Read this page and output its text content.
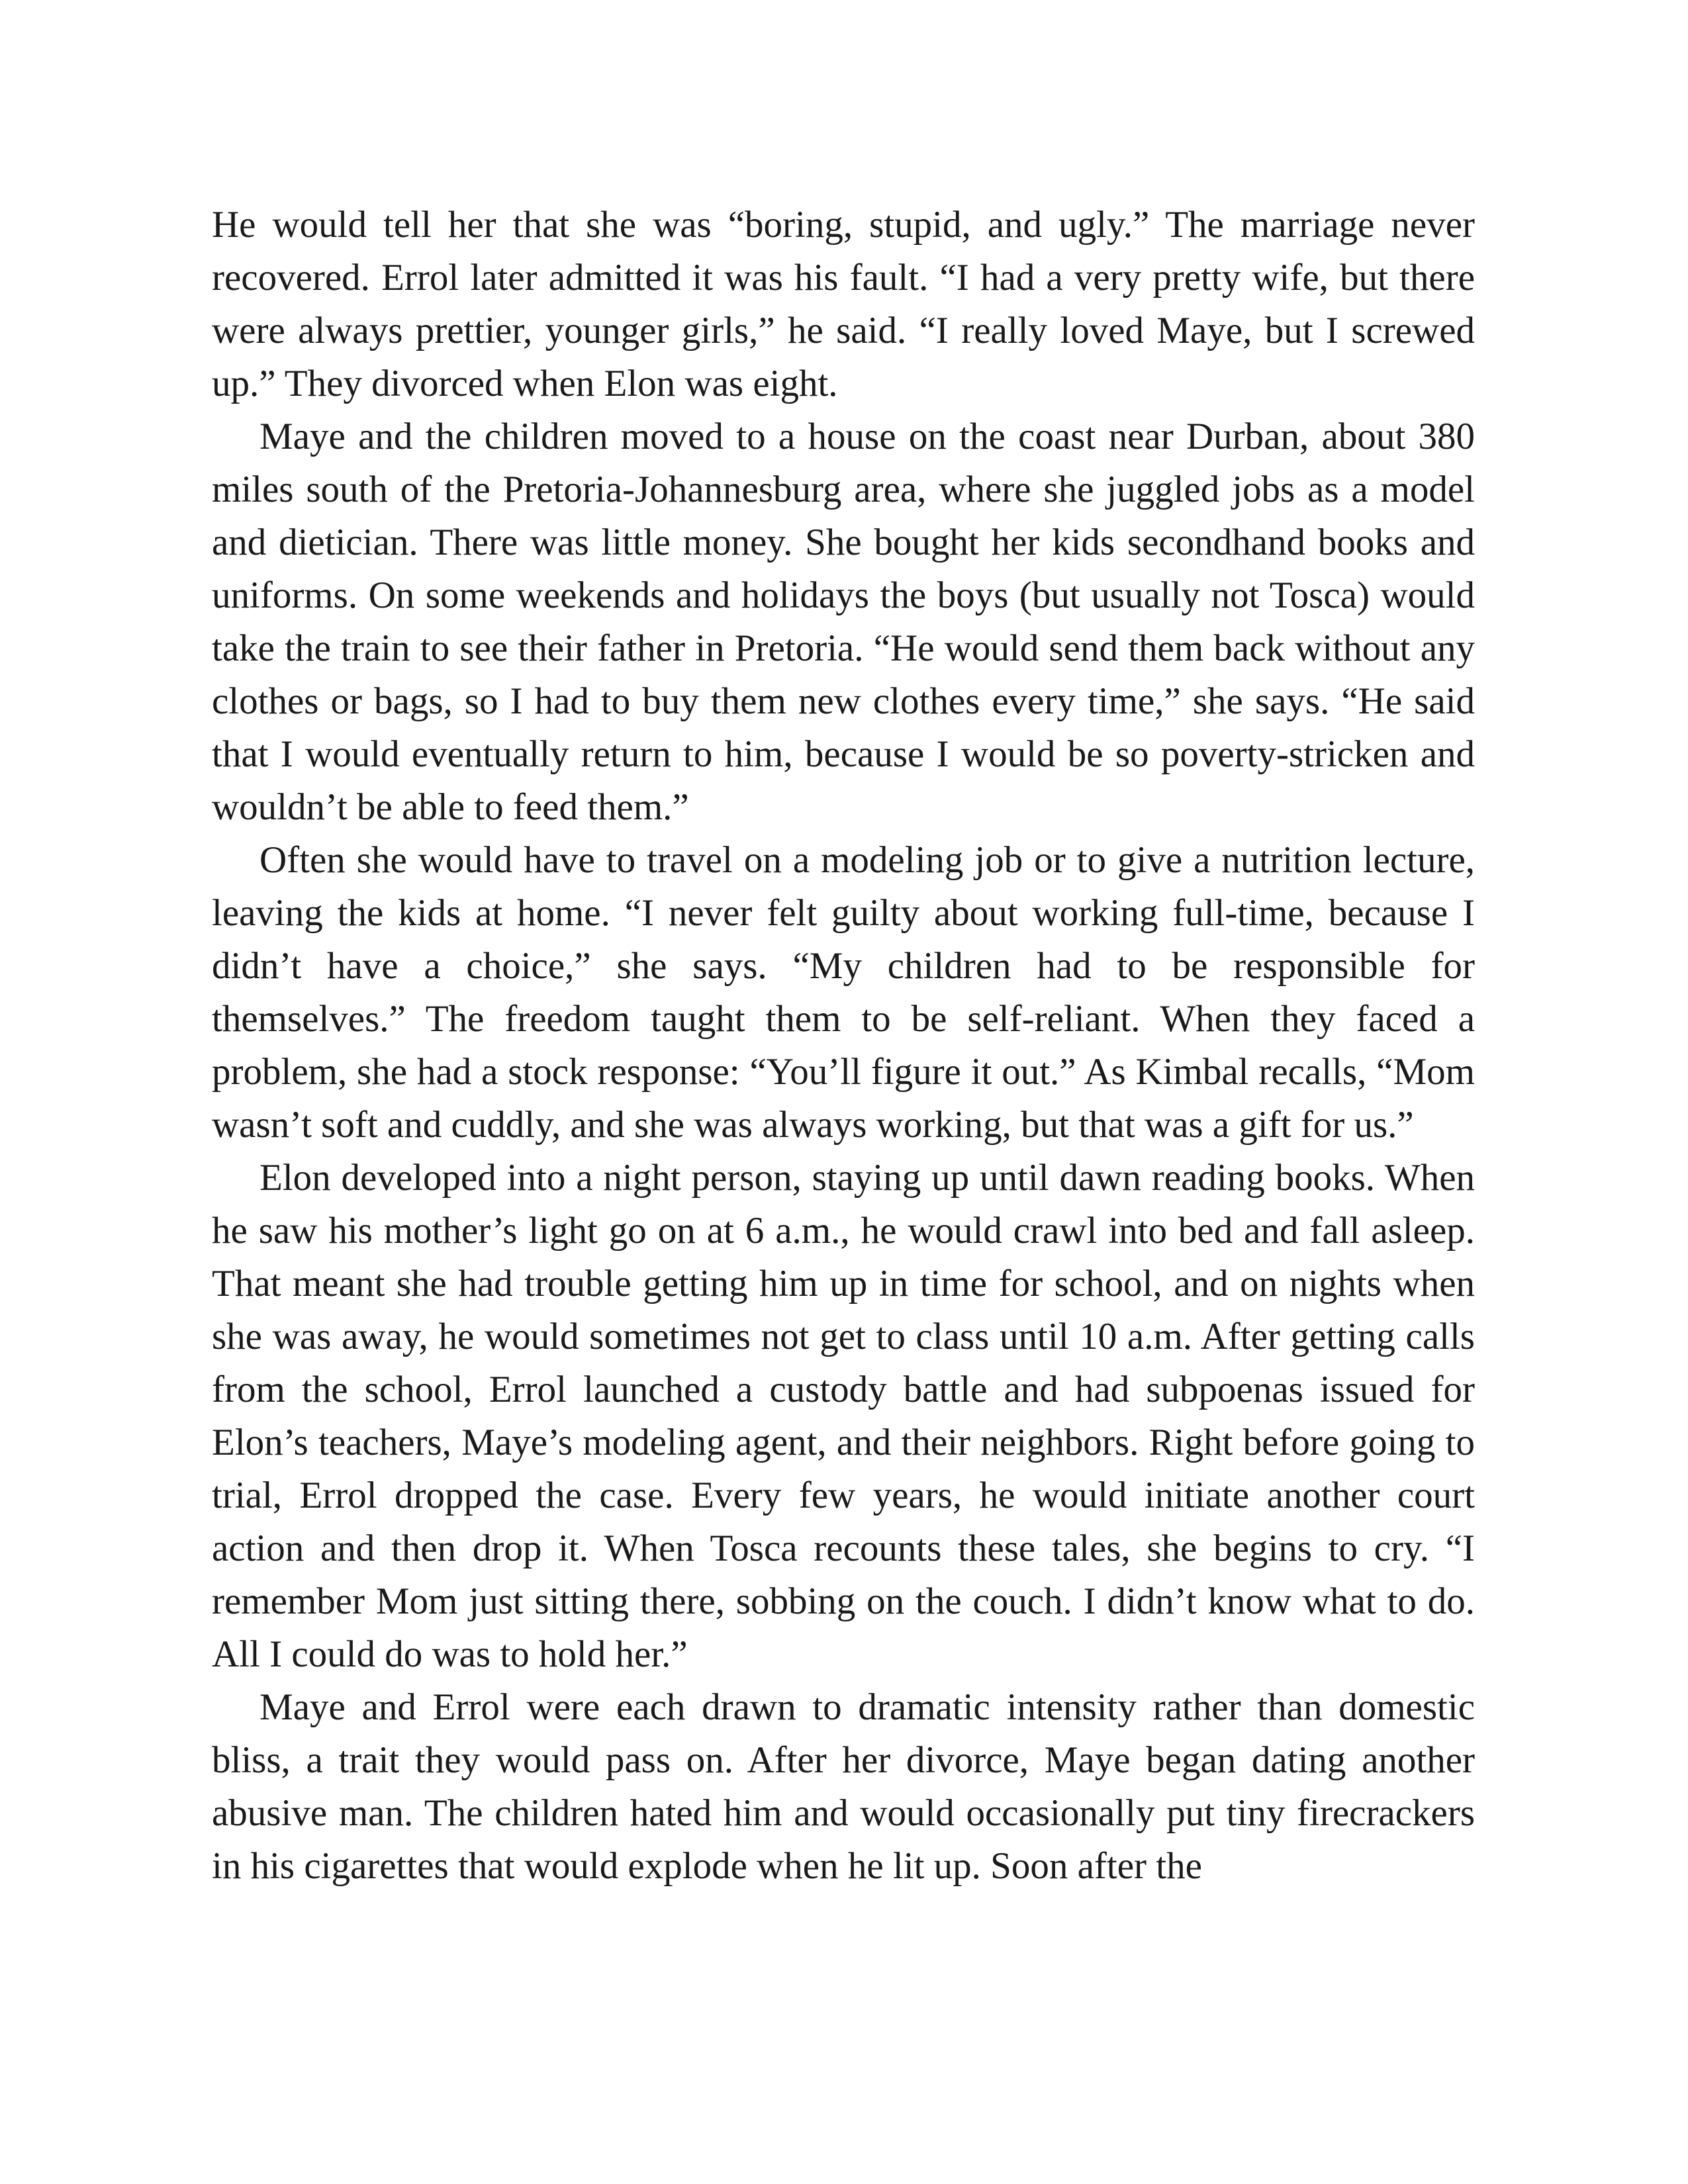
He would tell her that she was “boring, stupid, and ugly.” The marriage never recovered. Errol later admitted it was his fault. “I had a very pretty wife, but there were always prettier, younger girls,” he said. “I really loved Maye, but I screwed up.” They divorced when Elon was eight.

Maye and the children moved to a house on the coast near Durban, about 380 miles south of the Pretoria-Johannesburg area, where she juggled jobs as a model and dietician. There was little money. She bought her kids secondhand books and uniforms. On some weekends and holidays the boys (but usually not Tosca) would take the train to see their father in Pretoria. “He would send them back without any clothes or bags, so I had to buy them new clothes every time,” she says. “He said that I would eventually return to him, because I would be so poverty-stricken and wouldn’t be able to feed them.”

Often she would have to travel on a modeling job or to give a nutrition lecture, leaving the kids at home. “I never felt guilty about working full-time, because I didn’t have a choice,” she says. “My children had to be responsible for themselves.” The freedom taught them to be self-reliant. When they faced a problem, she had a stock response: “You’ll figure it out.” As Kimbal recalls, “Mom wasn’t soft and cuddly, and she was always working, but that was a gift for us.”

Elon developed into a night person, staying up until dawn reading books. When he saw his mother’s light go on at 6 a.m., he would crawl into bed and fall asleep. That meant she had trouble getting him up in time for school, and on nights when she was away, he would sometimes not get to class until 10 a.m. After getting calls from the school, Errol launched a custody battle and had subpoenas issued for Elon’s teachers, Maye’s modeling agent, and their neighbors. Right before going to trial, Errol dropped the case. Every few years, he would initiate another court action and then drop it. When Tosca recounts these tales, she begins to cry. “I remember Mom just sitting there, sobbing on the couch. I didn’t know what to do. All I could do was to hold her.”

Maye and Errol were each drawn to dramatic intensity rather than domestic bliss, a trait they would pass on. After her divorce, Maye began dating another abusive man. The children hated him and would occasionally put tiny firecrackers in his cigarettes that would explode when he lit up. Soon after the
